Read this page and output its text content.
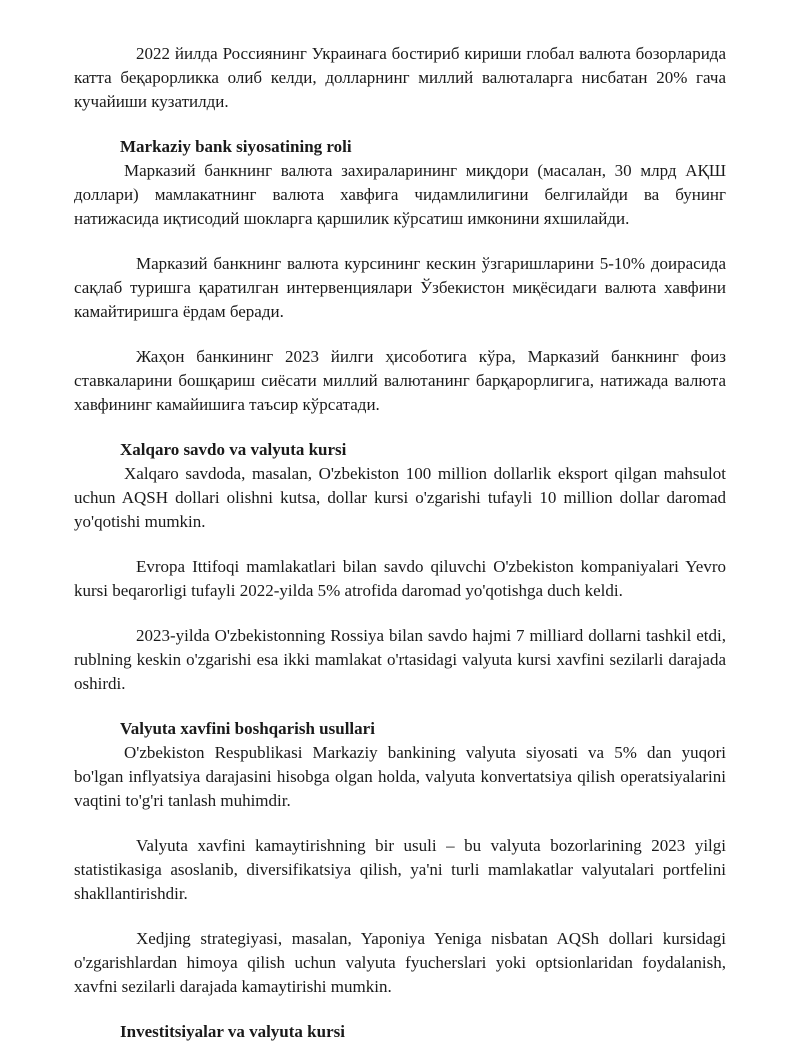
2022 йилда Россиянинг Украинага бостириб кириши глобал валюта бозорларида катта беқарорликка олиб келди, долларнинг миллий валюталарга нисбатан 20% гача кучайиши кузатилди.

Markaziy bank siyosatining roli

Марказий банкнинг валюта захираларининг миқдори (масалан, 30 млрд АҚШ доллари) мамлакатнинг валюта хавфига чидамлилигини белгилайди ва бунинг натижасида иқтисодий шокларга қаршилик кўрсатиш имконини яхшилайди.

Марказий банкнинг валюта курсининг кескин ўзгаришларини 5-10% доирасида сақлаб туришга қаратилган интервенциялари Ўзбекистон миқёсидаги валюта хавфини камайтиришга ёрдам беради.

Жаҳон банкининг 2023 йилги ҳисоботига кўра, Марказий банкнинг фоиз ставкаларини бошқариш сиёсати миллий валютанинг барқарорлигига, натижада валюта хавфининг камайишига таъсир кўрсатади.

Xalqaro savdo va valyuta kursi

Xalqaro savdoda, masalan, O'zbekiston 100 million dollarlik eksport qilgan mahsulot uchun AQSH dollari olishni kutsa, dollar kursi o'zgarishi tufayli 10 million dollar daromad yo'qotishi mumkin.

Evropa Ittifoqi mamlakatlari bilan savdo qiluvchi O'zbekiston kompaniyalari Yevro kursi beqarorligi tufayli 2022-yilda 5% atrofida daromad yo'qotishga duch keldi.

2023-yilda O'zbekistonning Rossiya bilan savdo hajmi 7 milliard dollarni tashkil etdi, rublning keskin o'zgarishi esa ikki mamlakat o'rtasidagi valyuta kursi xavfini sezilarli darajada oshirdi.

Valyuta xavfini boshqarish usullari

O'zbekiston Respublikasi Markaziy bankining valyuta siyosati va 5% dan yuqori bo'lgan inflyatsiya darajasini hisobga olgan holda, valyuta konvertatsiya qilish operatsiyalarini vaqtini to'g'ri tanlash muhimdir.

Valyuta xavfini kamaytirishning bir usuli – bu valyuta bozorlarining 2023 yilgi statistikasiga asoslanib, diversifikatsiya qilish, ya'ni turli mamlakatlar valyutalari portfelini shakllantirishdir.

Xedjing strategiyasi, masalan, Yaponiya Yeniga nisbatan AQSh dollari kursidagi o'zgarishlardan himoya qilish uchun valyuta fyucherslari yoki optsionlaridan foydalanish, xavfni sezilarli darajada kamaytirishi mumkin.

Investitsiyalar va valyuta kursi
